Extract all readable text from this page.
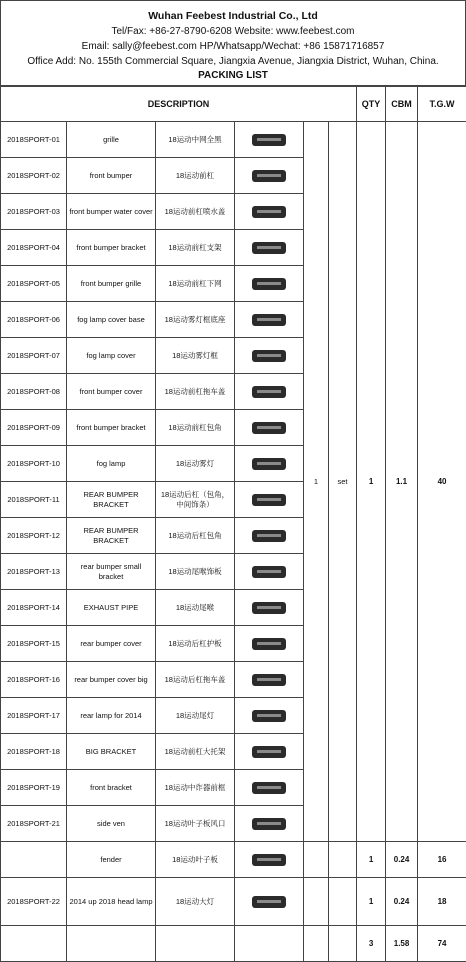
Wuhan Feebest Industrial Co., Ltd
Tel/Fax: +86-27-8790-6208 Website: www.feebest.com
Email: sally@feebest.com HP/Whatsapp/Wechat: +86 15871716857
Office Add: No. 155th Commercial Square, Jiangxia Avenue, Jiangxia District, Wuhan, China.
PACKING LIST
DESCRIPTION						QTY	CBM	T.G.W
2018SPORT-01	grille	18运动中网全黑		1	set	1	1.1	40
2018SPORT-02	front bumper	18运动前杠	

2018SPORT-03	front bumper water cover	18运动前杠喷水盖	

2018SPORT-04	front bumper bracket	18运动前杠支架	

2018SPORT-05	front bumper grille	18运动前杠下网	

2018SPORT-06	fog lamp cover base	18运动雾灯框底座	

2018SPORT-07	fog lamp cover	18运动雾灯框	

2018SPORT-08	front bumper cover	18运动前杠拖车盖	

2018SPORT-09	front bumper bracket	18运动前杠包角	

2018SPORT-10	fog lamp	18运动雾灯	

2018SPORT-11	REAR BUMPER BRACKET	18运动后杠（包角，中间饰条）	

2018SPORT-12	REAR BUMPER BRACKET	18运动后杠包角	

2018SPORT-13	rear bumper small bracket	18运动尾喉饰板	

2018SPORT-14	EXHAUST PIPE	18运动尾喉	

2018SPORT-15	rear bumper cover	18运动后杠护板	

2018SPORT-16	rear bumper cover big	18运动后杠拖车盖	

2018SPORT-17	rear lamp for 2014	18运动尾灯	

2018SPORT-18	BIG BRACKET	18运动前杠大托架	

2018SPORT-19	front bracket	18运动中诈器前框	

2018SPORT-21	side ven	18运动叶子板风口	

	fender	18运动叶子板				1	0.24	16
2018SPORT-22	2014 up 2018 head lamp	18运动大灯				1	0.24	18
						3	1.58	74
